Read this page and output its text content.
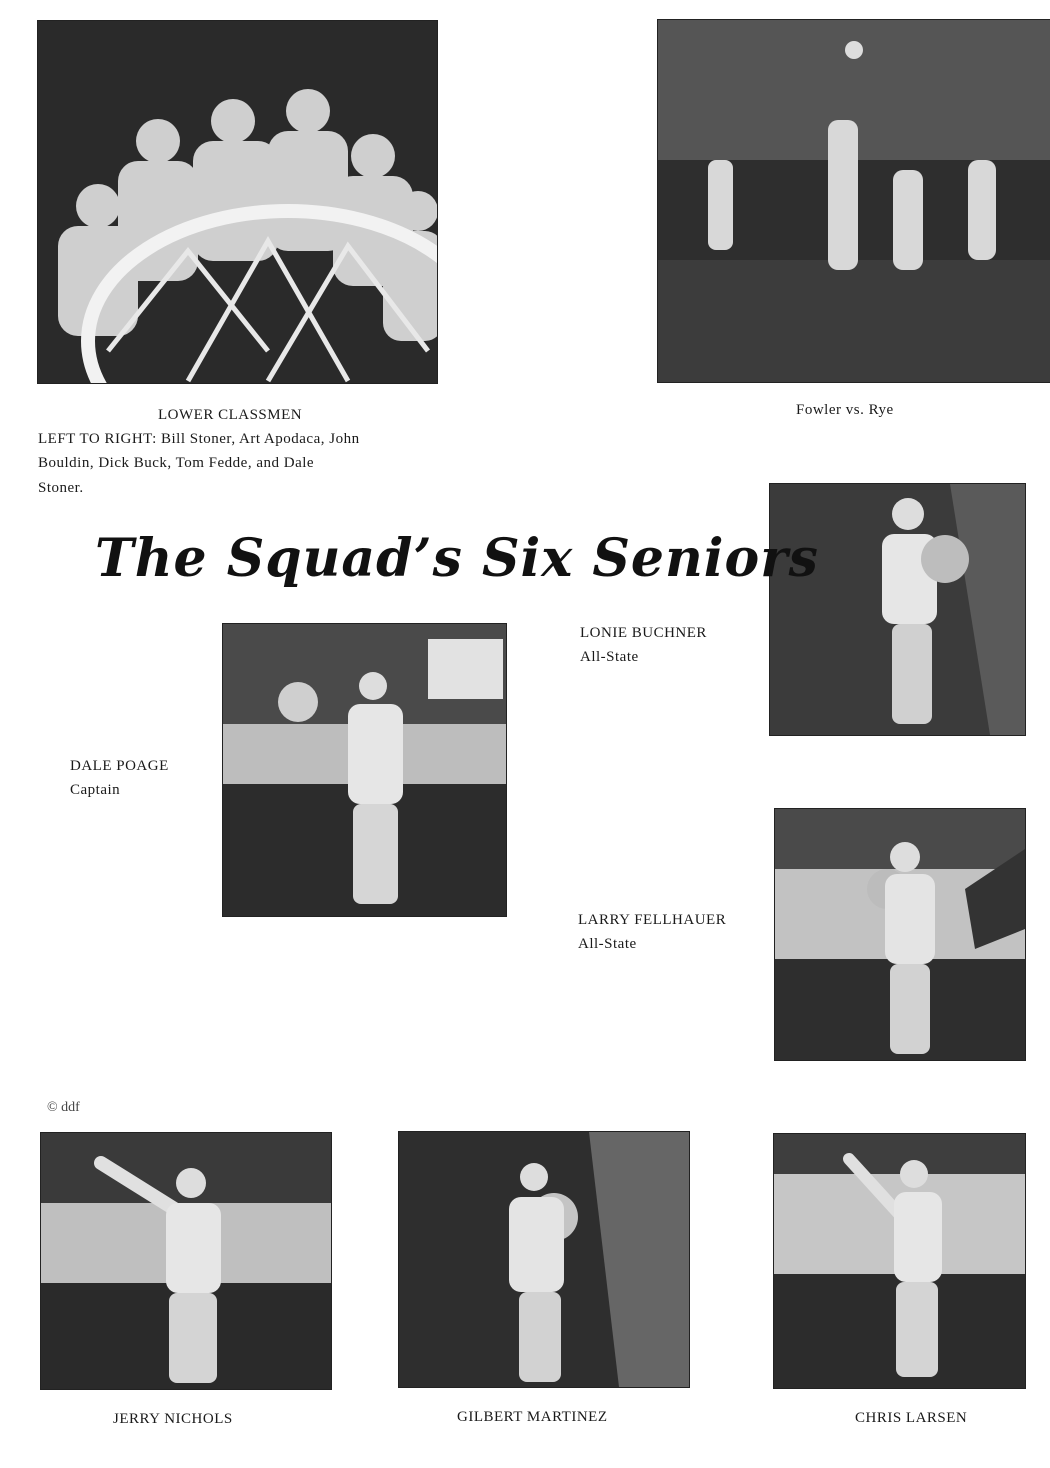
LOWER CLASSMEN
LEFT TO RIGHT: Bill Stoner, Art Apodaca, John
Bouldin, Dick Buck, Tom Fedde, and Dale
Stoner.
Fowler vs. Rye
LONIE BUCHNER
All-State
The Squad’s Six Seniors
DALE POAGE
Captain
LARRY FELLHAUER
All-State
© ddf
JERRY NICHOLS	GILBERT MARTINEZ	CHRIS LARSEN
